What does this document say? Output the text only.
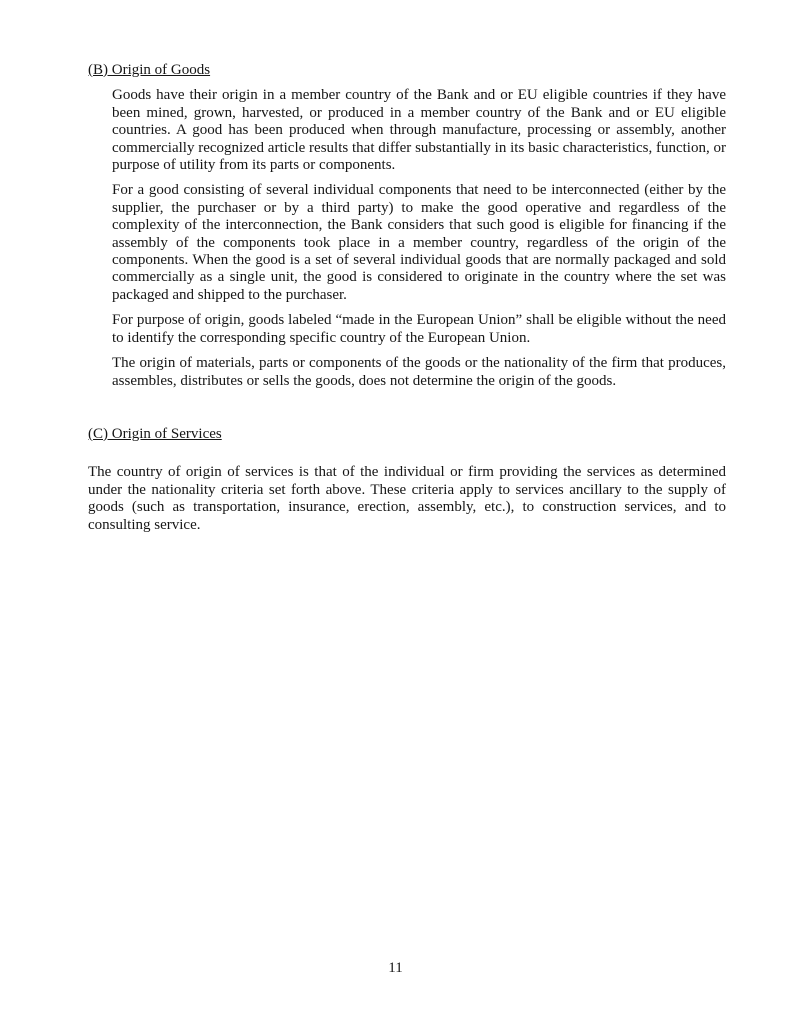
(B) Origin of Goods

Goods have their origin in a member country of the Bank and or EU eligible countries if they have been mined, grown, harvested, or produced in a member country of the Bank and or EU eligible countries. A good has been produced when through manufacture, processing or assembly, another commercially recognized article results that differ substantially in its basic characteristics, function, or purpose of utility from its parts or components.

For a good consisting of several individual components that need to be interconnected (either by the supplier, the purchaser or by a third party) to make the good operative and regardless of the complexity of the interconnection, the Bank considers that such good is eligible for financing if the assembly of the components took place in a member country, regardless of the origin of the components. When the good is a set of several individual goods that are normally packaged and sold commercially as a single unit, the good is considered to originate in the country where the set was packaged and shipped to the purchaser.

For purpose of origin, goods labeled “made in the European Union” shall be eligible without the need to identify the corresponding specific country of the European Union.

The origin of materials, parts or components of the goods or the nationality of the firm that produces, assembles, distributes or sells the goods, does not determine the origin of the goods.

(C) Origin of Services

The country of origin of services is that of the individual or firm providing the services as determined under the nationality criteria set forth above. These criteria apply to services ancillary to the supply of goods (such as transportation, insurance, erection, assembly, etc.), to construction services, and to consulting service.

11
